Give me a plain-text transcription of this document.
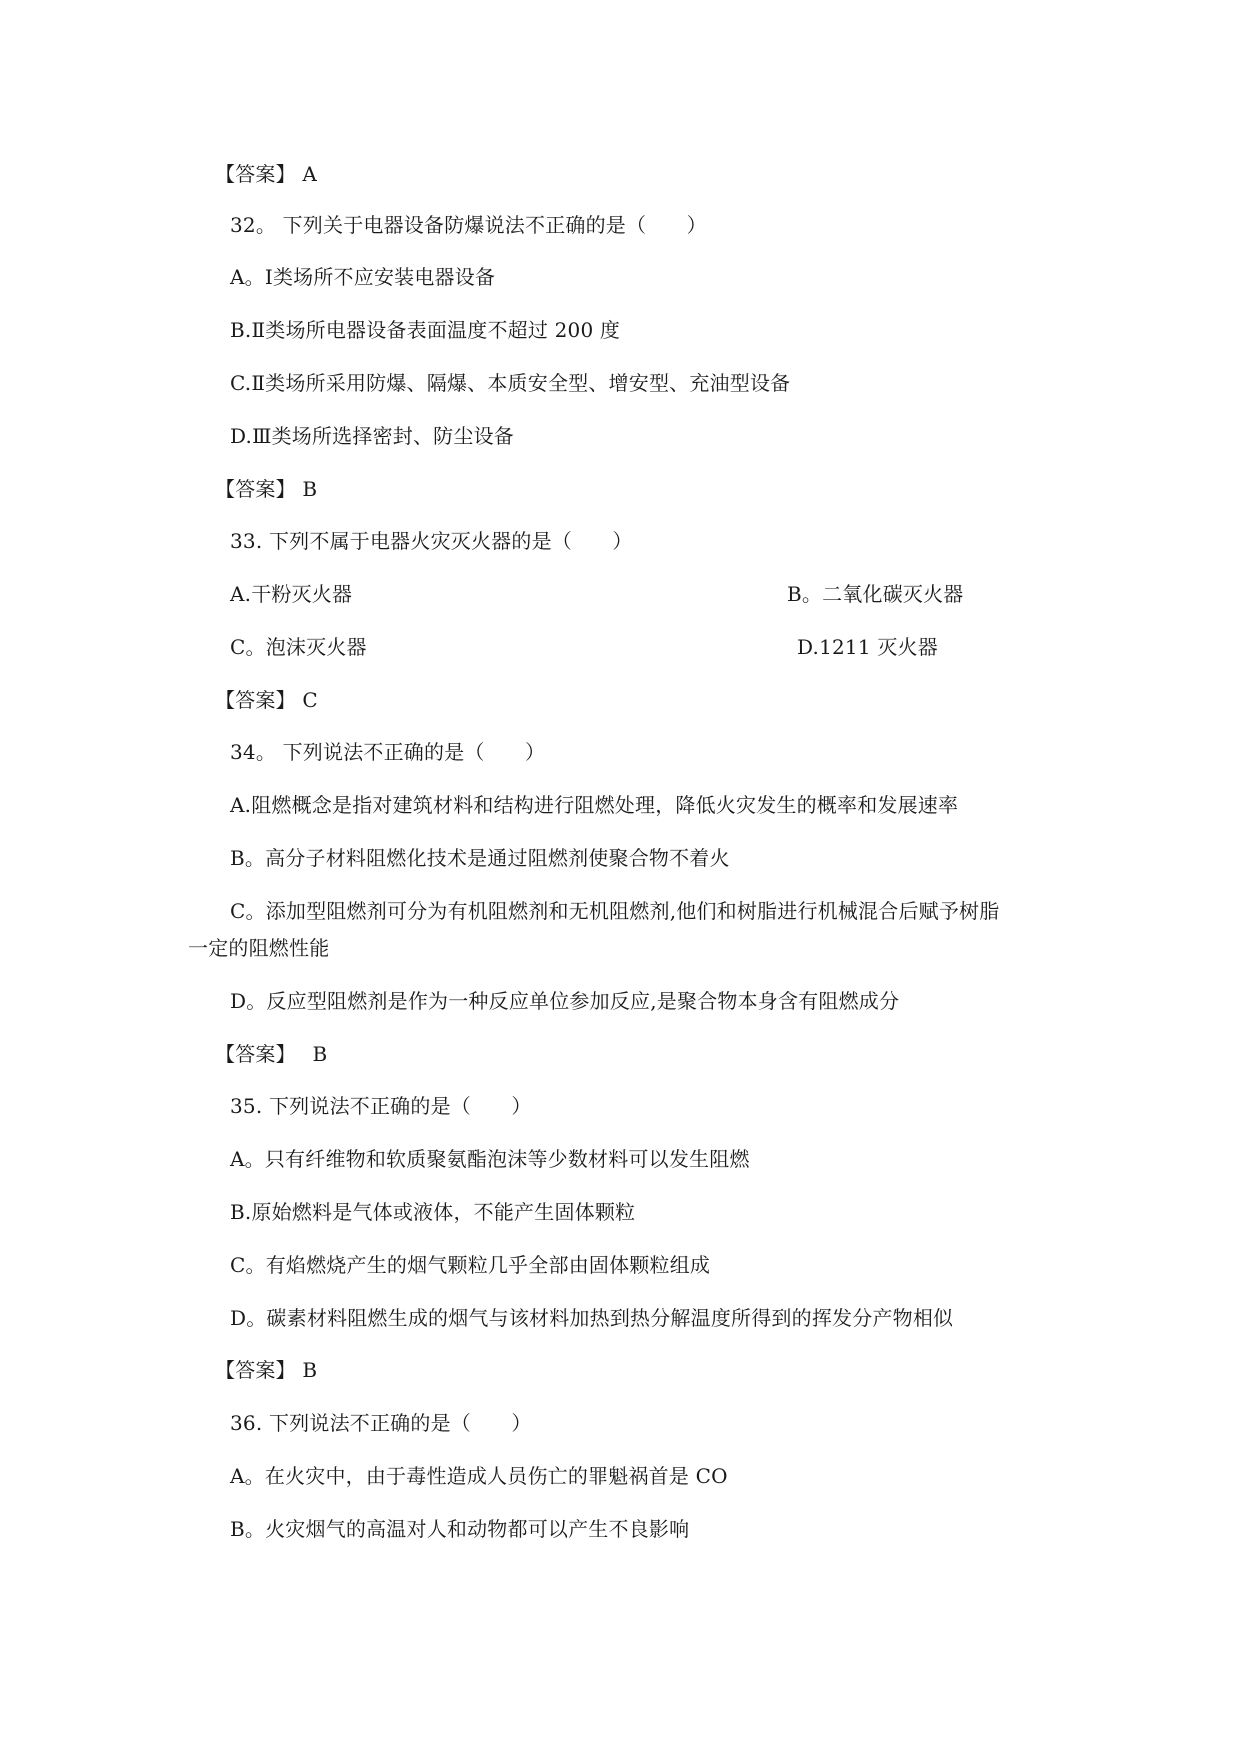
【答案】 A
32。 下列关于电器设备防爆说法不正确的是（　　）
A。Ⅰ类场所不应安装电器设备
B.Ⅱ类场所电器设备表面温度不超过 200 度
C.Ⅱ类场所采用防爆、隔爆、本质安全型、增安型、充油型设备
D.Ⅲ类场所选择密封、防尘设备
【答案】 B
33. 下列不属于电器火灾灭火器的是（　　）
A.干粉灭火器	B。二氧化碳灭火器
C。泡沫灭火器	D.1211 灭火器
【答案】 C
34。 下列说法不正确的是（　　）
A.阻燃概念是指对建筑材料和结构进行阻燃处理，降低火灾发生的概率和发展速率
B。高分子材料阻燃化技术是通过阻燃剂使聚合物不着火
C。添加型阻燃剂可分为有机阻燃剂和无机阻燃剂,他们和树脂进行机械混合后赋予树脂
一定的阻燃性能
D。反应型阻燃剂是作为一种反应单位参加反应,是聚合物本身含有阻燃成分
【答案】　 B
35. 下列说法不正确的是（　　）
A。只有纤维物和软质聚氨酯泡沫等少数材料可以发生阻燃
B.原始燃料是气体或液体，不能产生固体颗粒
C。有焰燃烧产生的烟气颗粒几乎全部由固体颗粒组成
D。碳素材料阻燃生成的烟气与该材料加热到热分解温度所得到的挥发分产物相似
【答案】 B
36. 下列说法不正确的是（　　）
A。在火灾中，由于毒性造成人员伤亡的罪魁祸首是 CO
B。火灾烟气的高温对人和动物都可以产生不良影响
